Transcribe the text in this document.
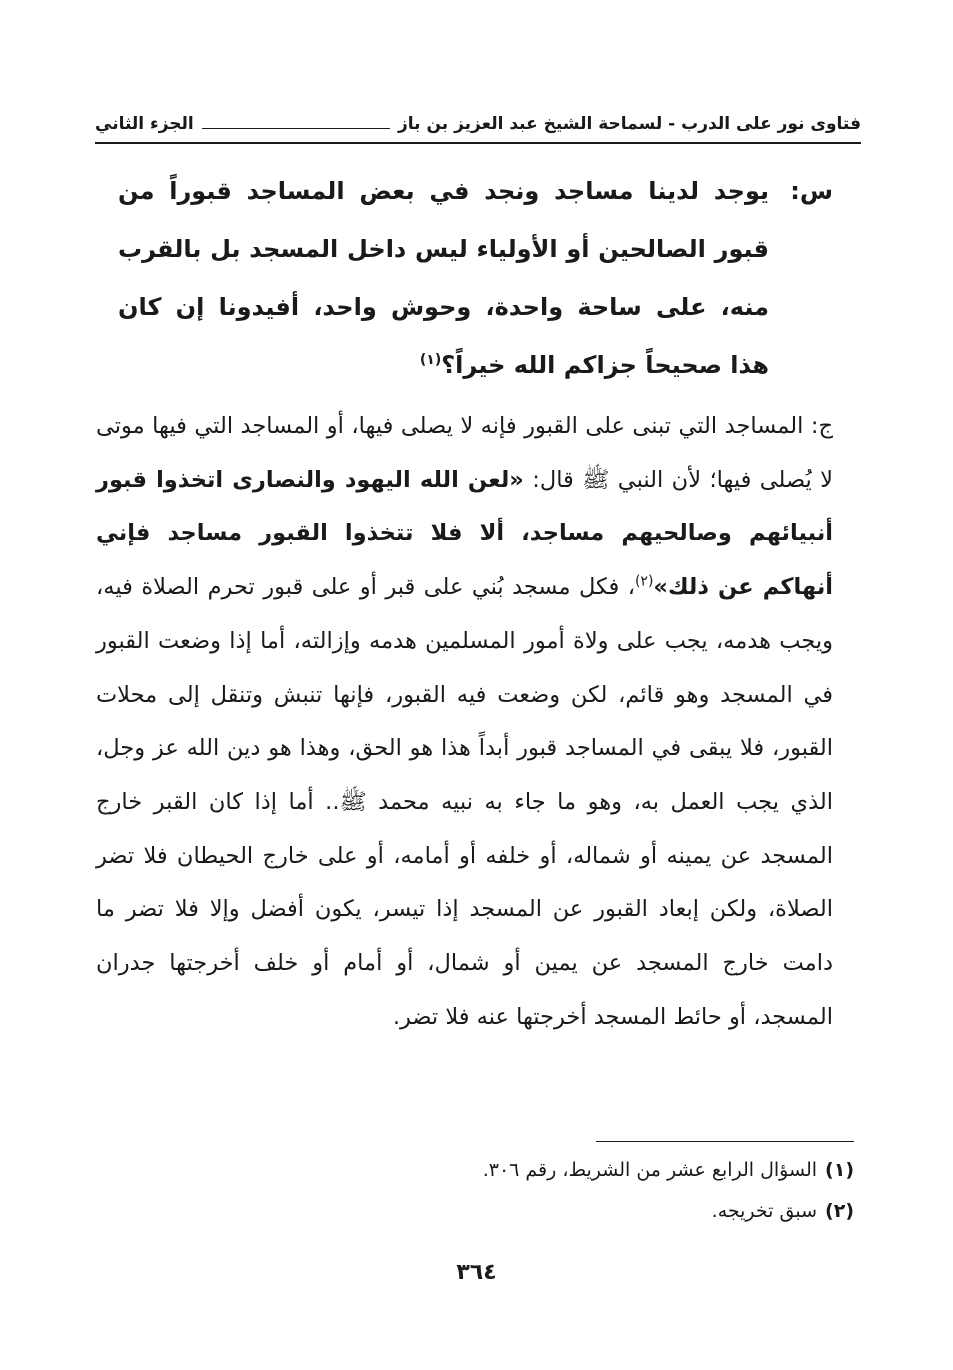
فتاوى نور على الدرب - لسماحة الشيخ عبد العزيز بن باز
الجزء الثاني
س:
يوجد لدينا مساجد ونجد في بعض المساجد قبوراً من قبور الصالحين أو الأولياء ليس داخل المسجد بل بالقرب منه، على ساحة واحدة، وحوش واحد، أفيدونا إن كان هذا صحيحاً جزاكم الله خيراً؟$^{(١)}$
ج: المساجد التي تبنى على القبور فإنه لا يصلى فيها، أو المساجد التي فيها موتى لا يُصلى فيها؛ لأن النبي ﷺ قال: «لعن الله اليهود والنصارى اتخذوا قبور أنبيائهم وصالحيهم مساجد، ألا فلا تتخذوا القبور مساجد فإني أنهاكم عن ذلك»$^{(٢)}$، فكل مسجد بُني على قبر أو على قبور تحرم الصلاة فيه، ويجب هدمه، يجب على ولاة أمور المسلمين هدمه وإزالته، أما إذا وضعت القبور في المسجد وهو قائم، لكن وضعت فيه القبور، فإنها تنبش وتنقل إلى محلات القبور، فلا يبقى في المساجد قبور أبداً هذا هو الحق، وهذا هو دين الله عز وجل، الذي يجب العمل به، وهو ما جاء به نبيه محمد ﷺ.. أما إذا كان القبر خارج المسجد عن يمينه أو شماله، أو خلفه أو أمامه، أو على خارج الحيطان فلا تضر الصلاة، ولكن إبعاد القبور عن المسجد إذا تيسر، يكون أفضل وإلا فلا تضر ما دامت خارج المسجد عن يمين أو شمال، أو أمام أو خلف أخرجتها جدران المسجد، أو حائط المسجد أخرجتها عنه فلا تضر.

(١)السؤال الرابع عشر من الشريط، رقم ٣٠٦.

(٢)سبق تخريجه.

٣٦٤
